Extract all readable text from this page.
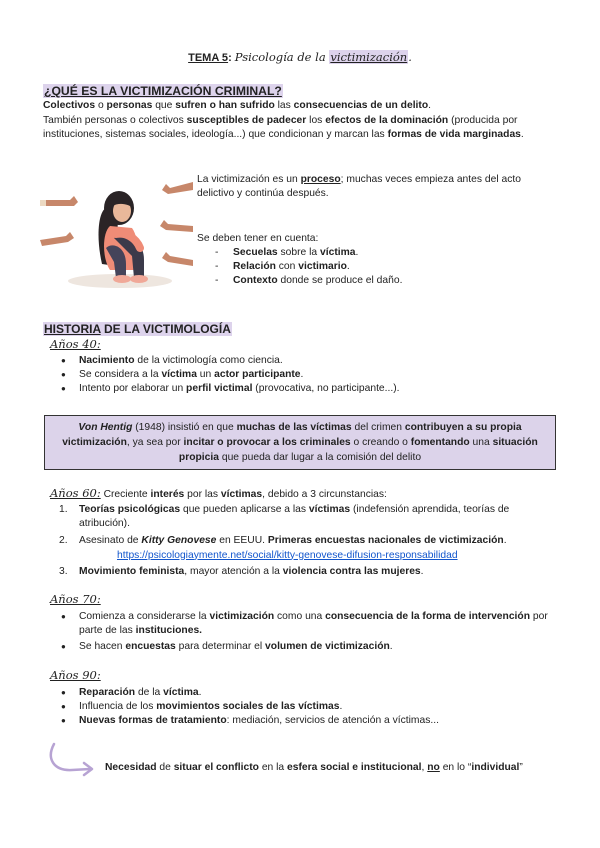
TEMA 5: Psicología de la victimización.
¿QUÉ ES LA VICTIMIZACIÓN CRIMINAL?
Colectivos o personas que sufren o han sufrido las consecuencias de un delito.
También personas o colectivos susceptibles de padecer los efectos de la dominación (producida por instituciones, sistemas sociales, ideología...) que condicionan y marcan las formas de vida marginadas.
La victimización es un proceso; muchas veces empieza antes del acto delictivo y continúa después.
Se deben tener en cuenta:
- Secuelas sobre la víctima.
- Relación con victimario.
- Contexto donde se produce el daño.
HISTORIA DE LA VICTIMOLOGÍA
Años 40:
● Nacimiento de la victimología como ciencia.
● Se considera a la víctima un actor participante.
● Intento por elaborar un perfil victimal (provocativa, no participante...).
Von Hentig (1948) insistió en que muchas de las víctimas del crimen contribuyen a su propia victimización, ya sea por incitar o provocar a los criminales o creando o fomentando una situación propicia que pueda dar lugar a la comisión del delito
Años 60: Creciente interés por las víctimas, debido a 3 circunstancias:
1. Teorías psicológicas que pueden aplicarse a las víctimas (indefensión aprendida, teorías de atribución).
2. Asesinato de Kitty Genovese en EEUU. Primeras encuestas nacionales de victimización.
https://psicologiaymente.net/social/kitty-genovese-difusion-responsabilidad
3. Movimiento feminista, mayor atención a la violencia contra las mujeres.
Años 70:
● Comienza a considerarse la victimización como una consecuencia de la forma de intervención por parte de las instituciones.
● Se hacen encuestas para determinar el volumen de victimización.
Años 90:
● Reparación de la víctima.
● Influencia de los movimientos sociales de las víctimas.
● Nuevas formas de tratamiento: mediación, servicios de atención a víctimas...
Necesidad de situar el conflicto en la esfera social e institucional, no en lo “individual”
